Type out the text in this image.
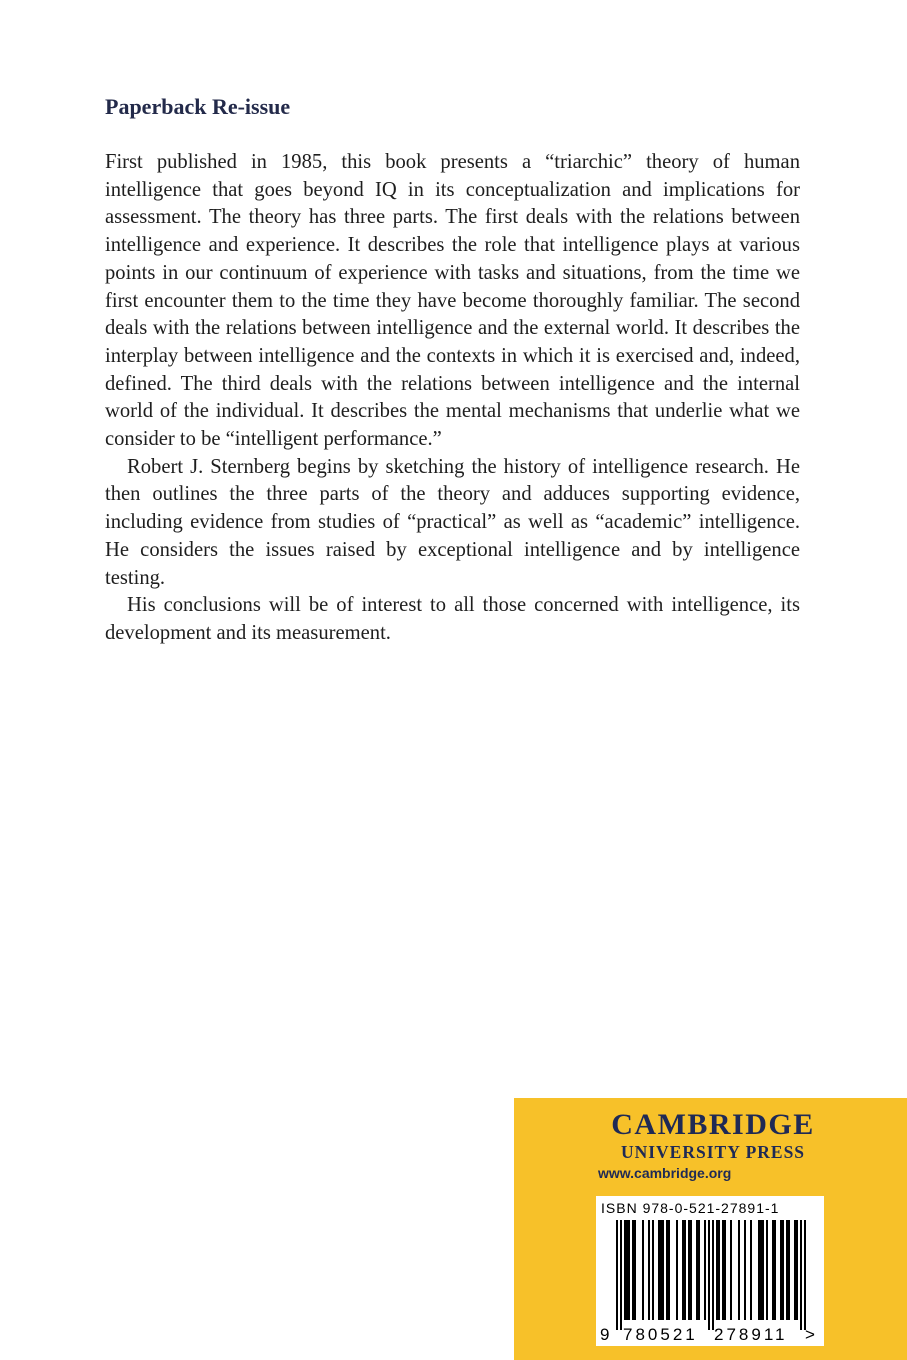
Paperback Re-issue

First published in 1985, this book presents a “triarchic” theory of human intelligence that goes beyond IQ in its conceptualization and implications for assessment. The theory has three parts. The first deals with the relations between intelligence and experience. It describes the role that intelligence plays at various points in our continuum of experience with tasks and situations, from the time we first encounter them to the time they have become thoroughly familiar. The second deals with the relations between intelligence and the external world. It describes the interplay between intelligence and the contexts in which it is exercised and, indeed, defined. The third deals with the relations between intelligence and the internal world of the individual. It describes the mental mechanisms that underlie what we consider to be “intelligent performance.”

Robert J. Sternberg begins by sketching the history of intelligence research. He then outlines the three parts of the theory and adduces supporting evidence, including evidence from studies of “practical” as well as “academic” intelligence. He considers the issues raised by exceptional intelligence and by intelligence testing.

His conclusions will be of interest to all those concerned with intelligence, its development and its measurement.

CAMBRIDGE
UNIVERSITY PRESS
www.cambridge.org
ISBN 978-0-521-27891-1
9 780521 278911 >
